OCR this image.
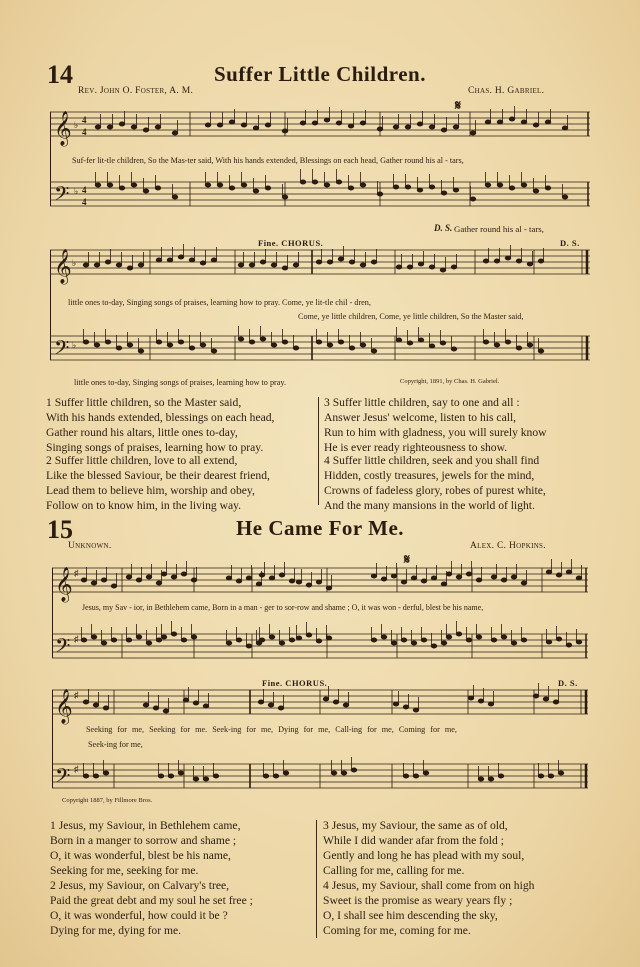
14	Suffer Little Children.
Rev. John O. Foster, A. M.	Chas. H. Gabriel.
𝄞
𝄢
♭
♭
4
4
4
4
𝄋
Suf-fer lit-tle children, So the Mas-ter said, With his hands extended, Blessings on each head, Gather round his al - tars,
D. S. Gather round his al - tars,
𝄞
𝄢
♭
♭
Fine. CHORUS.	D. S.
little ones to-day, Singing songs of praises, learning how to pray. Come, ye lit-tle chil - dren,
Come, ye little children, Come, ye little children, So the Master said,
little ones to-day, Singing songs of praises, learning how to pray.	Copyright, 1891, by Chas. H. Gabriel.
1 Suffer little children, so the Master said,
With his hands extended, blessings on each head,
Gather round his altars, little ones to-day,
Singing songs of praises, learning how to pray.
2 Suffer little children, love to all extend,
Like the blessed Saviour, be their dearest friend,
Lead them to believe him, worship and obey,
Follow on to know him, in the living way.
3 Suffer little children, say to one and all :
Answer Jesus' welcome, listen to his call,
Run to him with gladness, you will surely know
He is ever ready righteousness to show.
4 Suffer little children, seek and you shall find
Hidden, costly treasures, jewels for the mind,
Crowns of fadeless glory, robes of purest white,
And the many mansions in the world of light.
15	He Came For Me.
Unknown.	Alex. C. Hopkins.
𝄞
𝄢
♯
♯
𝄋
Jesus, my Sav - ior, in Bethlehem came, Born in a man - ger to sor-row and shame ; O, it was won - derful, blest be his name,
𝄞
𝄢
♯
♯
Fine. CHORUS.	D. S.
Seeking for me, Seeking for me. Seek-ing for me, Dying for me, Call-ing for me, Coming for me,
Seek-ing for me,
Copyright 1887, by Fillmore Bros.
1 Jesus, my Saviour, in Bethlehem came,
Born in a manger to sorrow and shame ;
O, it was wonderful, blest be his name,
Seeking for me, seeking for me.
2 Jesus, my Saviour, on Calvary's tree,
Paid the great debt and my soul he set free ;
O, it was wonderful, how could it be ?
Dying for me, dying for me.
3 Jesus, my Saviour, the same as of old,
While I did wander afar from the fold ;
Gently and long he has plead with my soul,
Calling for me, calling for me.
4 Jesus, my Saviour, shall come from on high
Sweet is the promise as weary years fly ;
O, I shall see him descending the sky,
Coming for me, coming for me.
